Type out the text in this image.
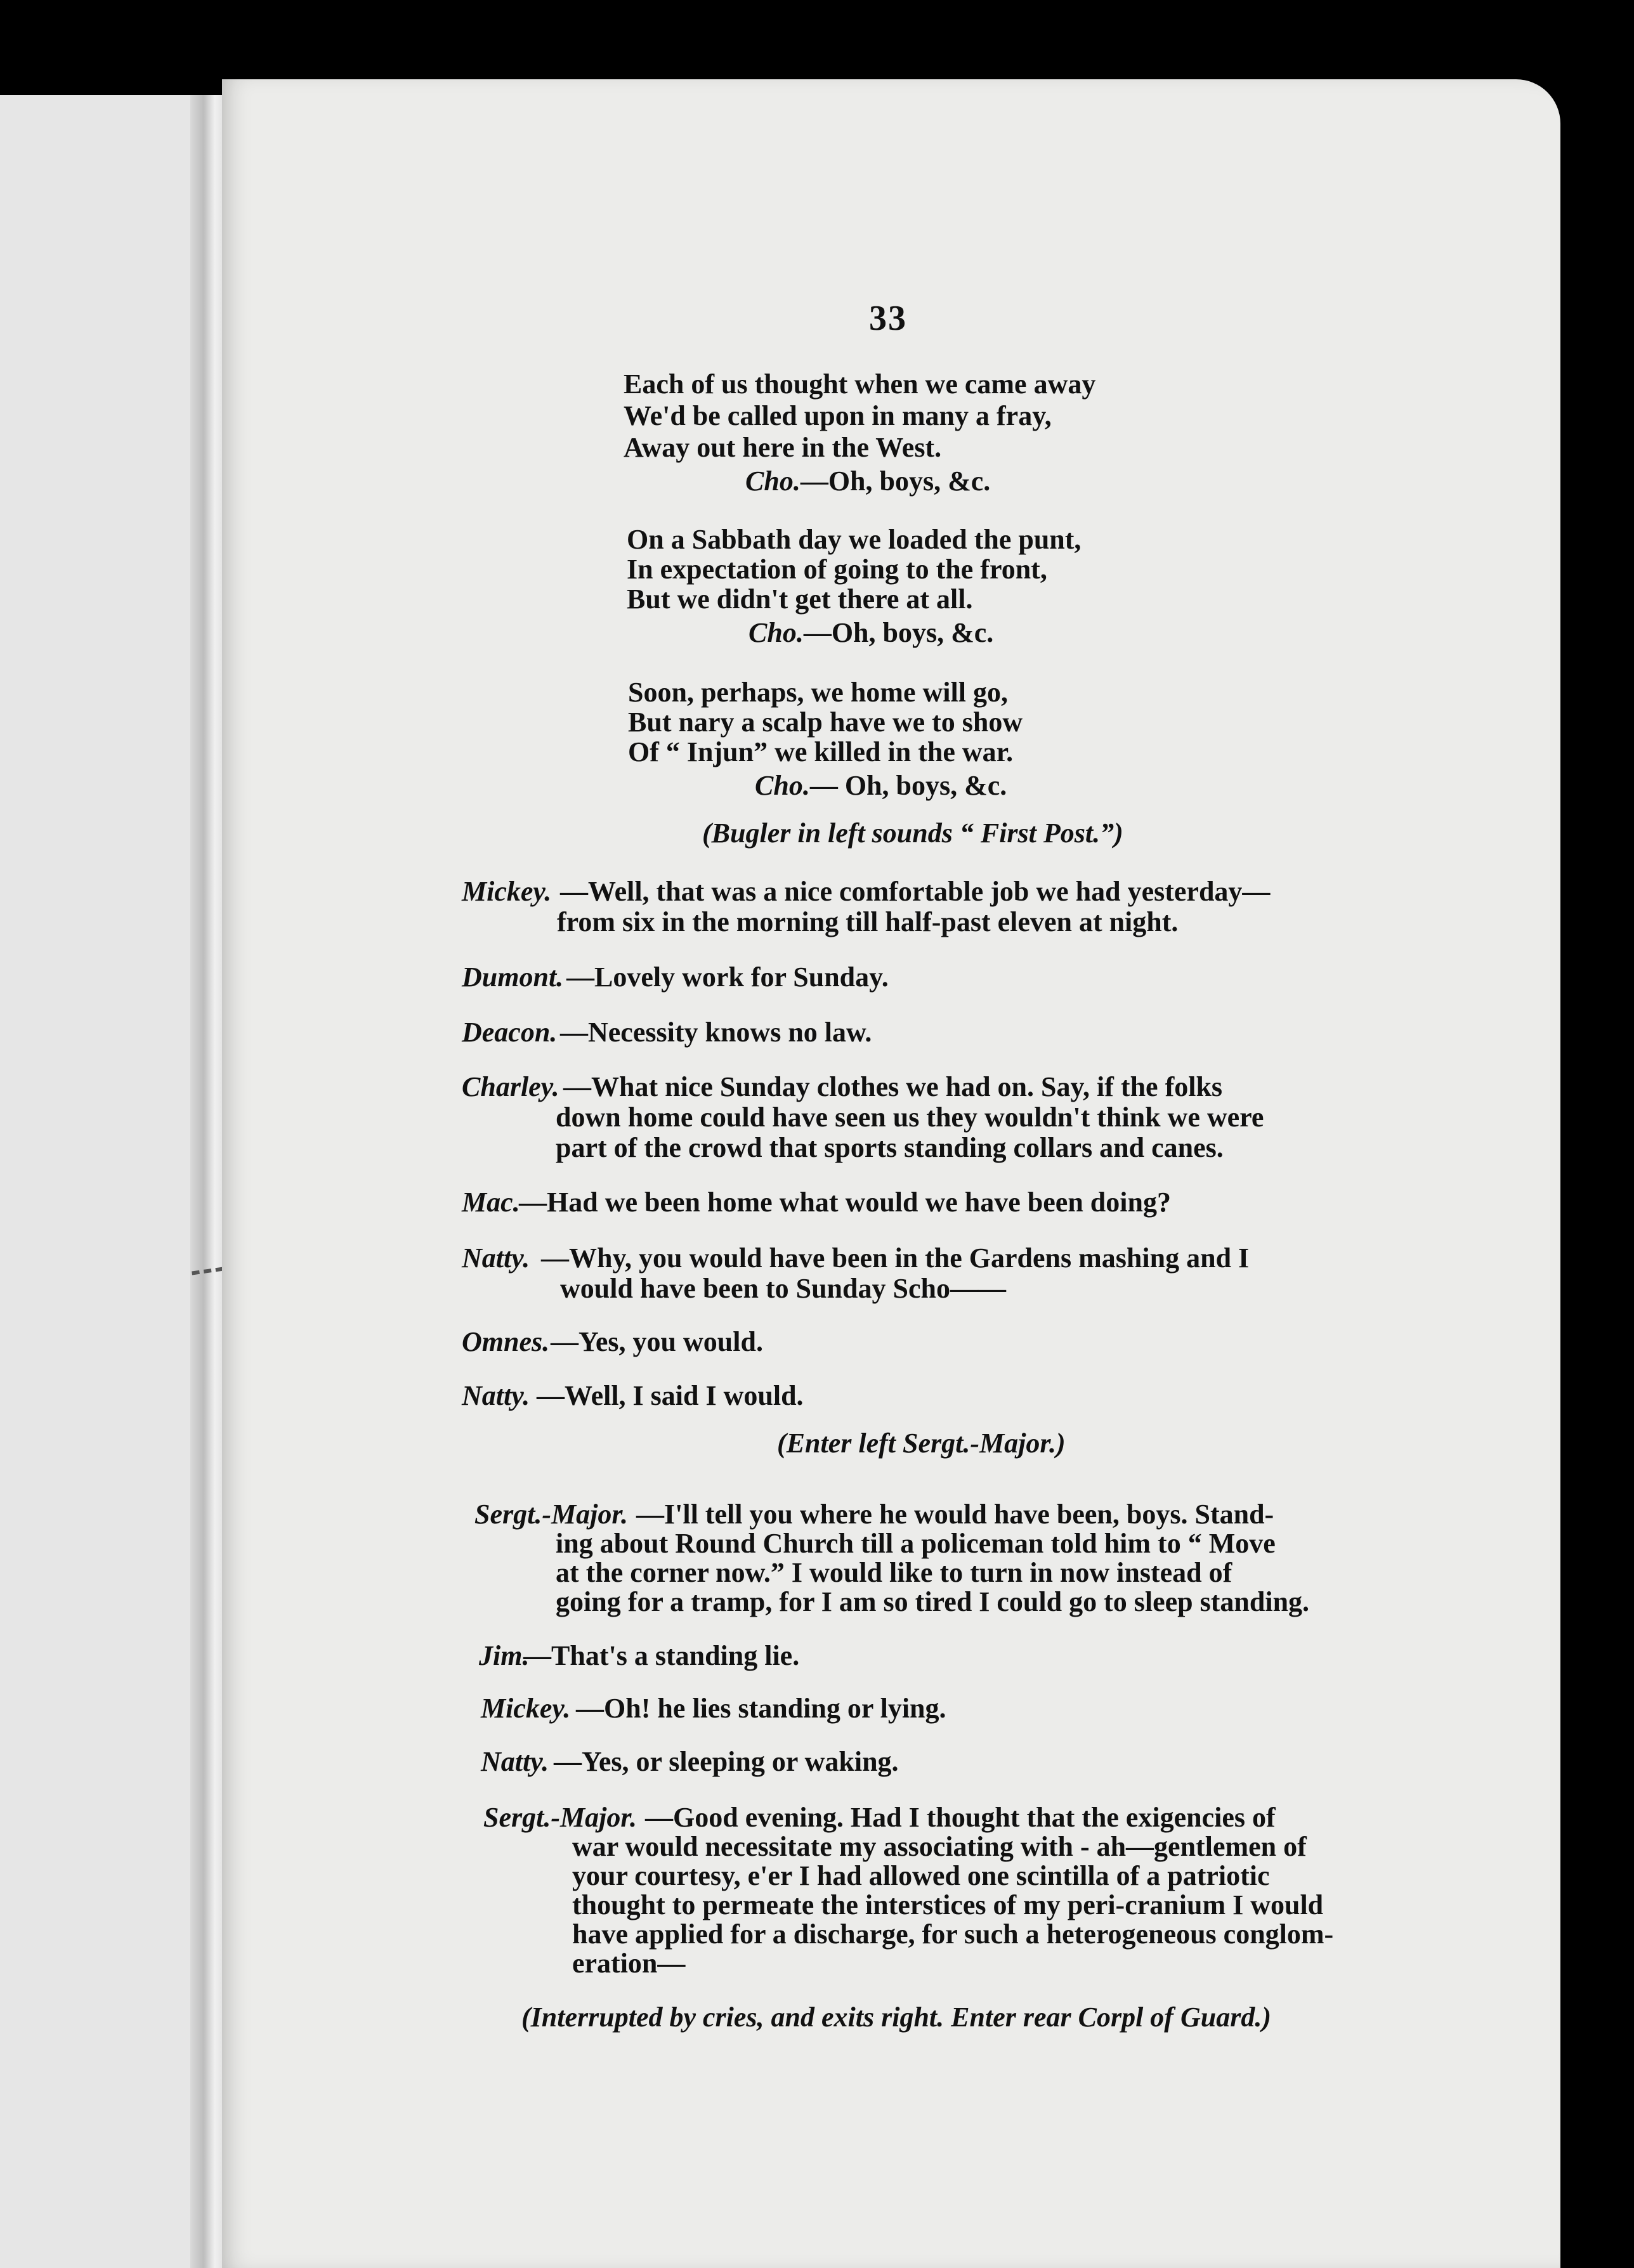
33
Each of us thought when we came away
We'd be called upon in many a fray,
Away out here in the West.
Cho.—Oh, boys, &c.
On a Sabbath day we loaded the punt,
In expectation of going to the front,
But we didn't get there at all.
Cho.—Oh, boys, &c.
Soon, perhaps, we home will go,
But nary a scalp have we to show
Of “ Injun” we killed in the war.
Cho.— Oh, boys, &c.
(Bugler in left sounds “ First Post.”)
Mickey. —Well, that was a nice comfortable job we had yesterday—
from six in the morning till half-past eleven at night.
Dumont. —Lovely work for Sunday.
Deacon. —Necessity knows no law.
Charley. —What nice Sunday clothes we had on. Say, if the folks
down home could have seen us they wouldn't think we were
part of the crowd that sports standing collars and canes.
Mac.
—Had we been home what would we have been doing?
Natty. —Why, you would have been in the Gardens mashing and I
would have been to Sunday Scho——
Omnes. —Yes, you would.
Natty. —Well, I said I would.
(Enter left Sergt.-Major.)
Sergt.-Major. —I'll tell you where he would have been, boys. Stand-
ing about Round Church till a policeman told him to “ Move
at the corner now.” I would like to turn in now instead of
going for a tramp, for I am so tired I could go to sleep standing.
Jim.
—That's a standing lie.
Mickey. —Oh! he lies standing or lying.
Natty. —Yes, or sleeping or waking.
Sergt.-Major. —Good evening. Had I thought that the exigencies of
war would necessitate my associating with - ah—gentlemen of
your courtesy, e'er I had allowed one scintilla of a patriotic
thought to permeate the interstices of my peri-cranium I would
have applied for a discharge, for such a heterogeneous conglom-
eration—
(Interrupted by cries, and exits right. Enter rear Corpl of Guard.)
